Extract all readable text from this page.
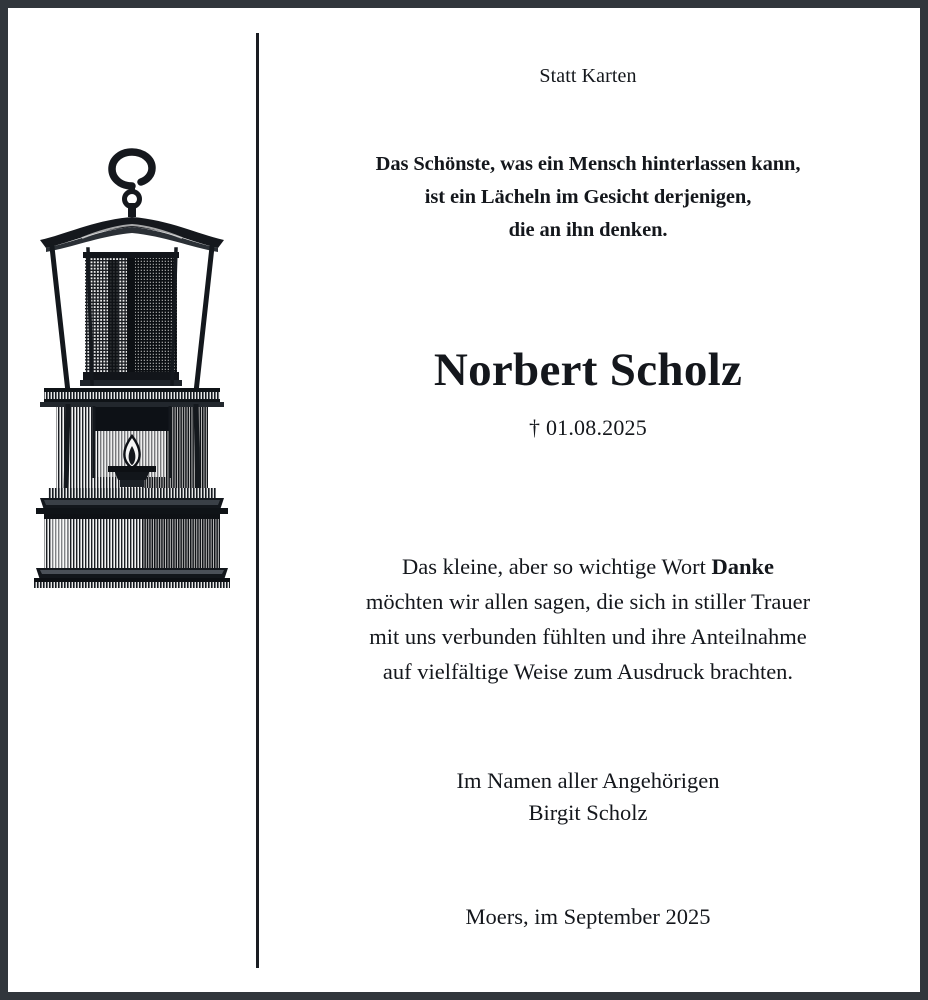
Statt Karten
Das Schönste, was ein Mensch hinterlassen kann,
ist ein Lächeln im Gesicht derjenigen,
die an ihn denken.
Norbert Scholz
† 01.08.2025
Das kleine, aber so wichtige Wort Danke
möchten wir allen sagen, die sich in stiller Trauer
mit uns verbunden fühlten und ihre Anteilnahme
auf vielfältige Weise zum Ausdruck brachten.
Im Namen aller Angehörigen
Birgit Scholz
Moers, im September 2025
